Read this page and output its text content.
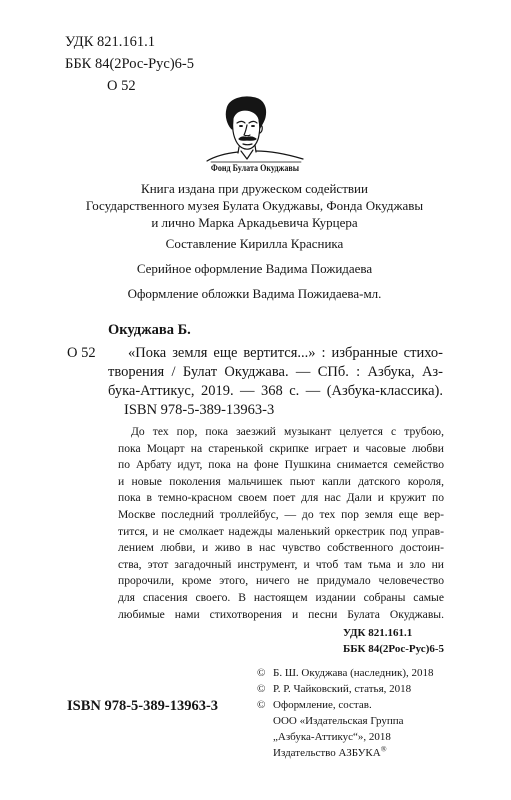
УДК 821.161.1
ББК 84(2Рос-Рус)6-5
О 52
Фонд Булата Окуджавы
Книга издана при дружеском содействии
Государственного музея Булата Окуджавы, Фонда Окуджавы
и лично Марка Аркадьевича Курцера
Составление Кирилла Красника
Серийное оформление Вадима Пожидаева
Оформление обложки Вадима Пожидаева-мл.
Окуджава Б.
О 52	«Пока земля еще вертится...» : избранные стихо-
творения / Булат Окуджава. — СПб. : Азбука, Аз-
бука-Аттикус, 2019. — 368 с. — (Азбука-классика).
ISBN 978-5-389-13963-3
До тех пор, пока заезжий музыкант целуется с трубою,
пока Моцарт на старенькой скрипке играет и часовые любви
по Арбату идут, пока на фоне Пушкина снимается семейство
и новые поколения мальчишек пьют капли датского короля,
пока в темно-красном своем поет для нас Дали и кружит по
Москве последний троллейбус, — до тех пор земля еще вер-
тится, и не смолкает надежды маленький оркестрик под управ-
лением любви, и живо в нас чувство собственного достоин-
ства, этот загадочный инструмент, и чтоб там тьма и зло ни
пророчили, кроме этого, ничего не придумало человечество
для спасения своего. В настоящем издании собраны самые
любимые нами стихотворения и песни Булата Окуджавы.
УДК 821.161.1
ББК 84(2Рос-Рус)6-5
© Б. Ш. Окуджава (наследник), 2018
© Р. Р. Чайковский, статья, 2018
© Оформление, состав.
ООО «Издательская Группа
„Азбука-Аттикус“», 2018
Издательство АЗБУКА®
ISBN 978-5-389-13963-3
